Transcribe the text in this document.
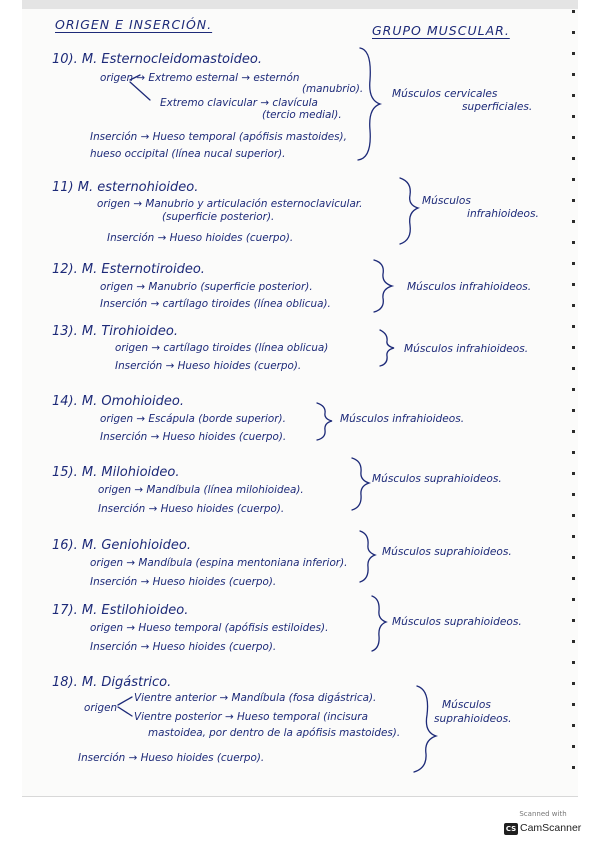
ORIGEN E INSERCIÓN.	GRUPO MUSCULAR.
10). M. Esternocleidomastoideo.
origen → Extremo esternal → esternón
(manubrio).
Extremo clavicular → clavícula
(tercio medial).
Inserción → Hueso temporal (apófisis mastoides),
hueso occipital (línea nucal superior).
Músculos cervicales
superficiales.
11) M. esternohioideo.
origen → Manubrio y articulación esternoclavicular.
(superficie posterior).
Inserción → Hueso hioides (cuerpo).
Músculos
infrahioideos.
12). M. Esternotiroideo.
origen → Manubrio (superficie posterior).
Inserción → cartílago tiroides (línea oblicua).
Músculos infrahioideos.
13). M. Tirohioideo.
origen → cartílago tiroides (línea oblicua)
Inserción → Hueso hioides (cuerpo).
Músculos infrahioideos.
14). M. Omohioideo.
origen → Escápula (borde superior).
Inserción → Hueso hioides (cuerpo).
Músculos infrahioideos.
15). M. Milohioideo.
origen → Mandíbula (línea milohioidea).
Inserción → Hueso hioides (cuerpo).
Músculos suprahioideos.
16). M. Geniohioideo.
origen → Mandíbula (espina mentoniana inferior).
Inserción → Hueso hioides (cuerpo).
Músculos suprahioideos.
17). M. Estilohioideo.
origen → Hueso temporal (apófisis estiloides).
Inserción → Hueso hioides (cuerpo).
Músculos suprahioideos.
18). M. Digástrico.
origen
Vientre anterior → Mandíbula (fosa digástrica).
Vientre posterior → Hueso temporal (incisura
mastoidea, por dentro de la apófisis mastoides).
Inserción → Hueso hioides (cuerpo).
Músculos
suprahioideos.
Scanned with
CS CamScanner
